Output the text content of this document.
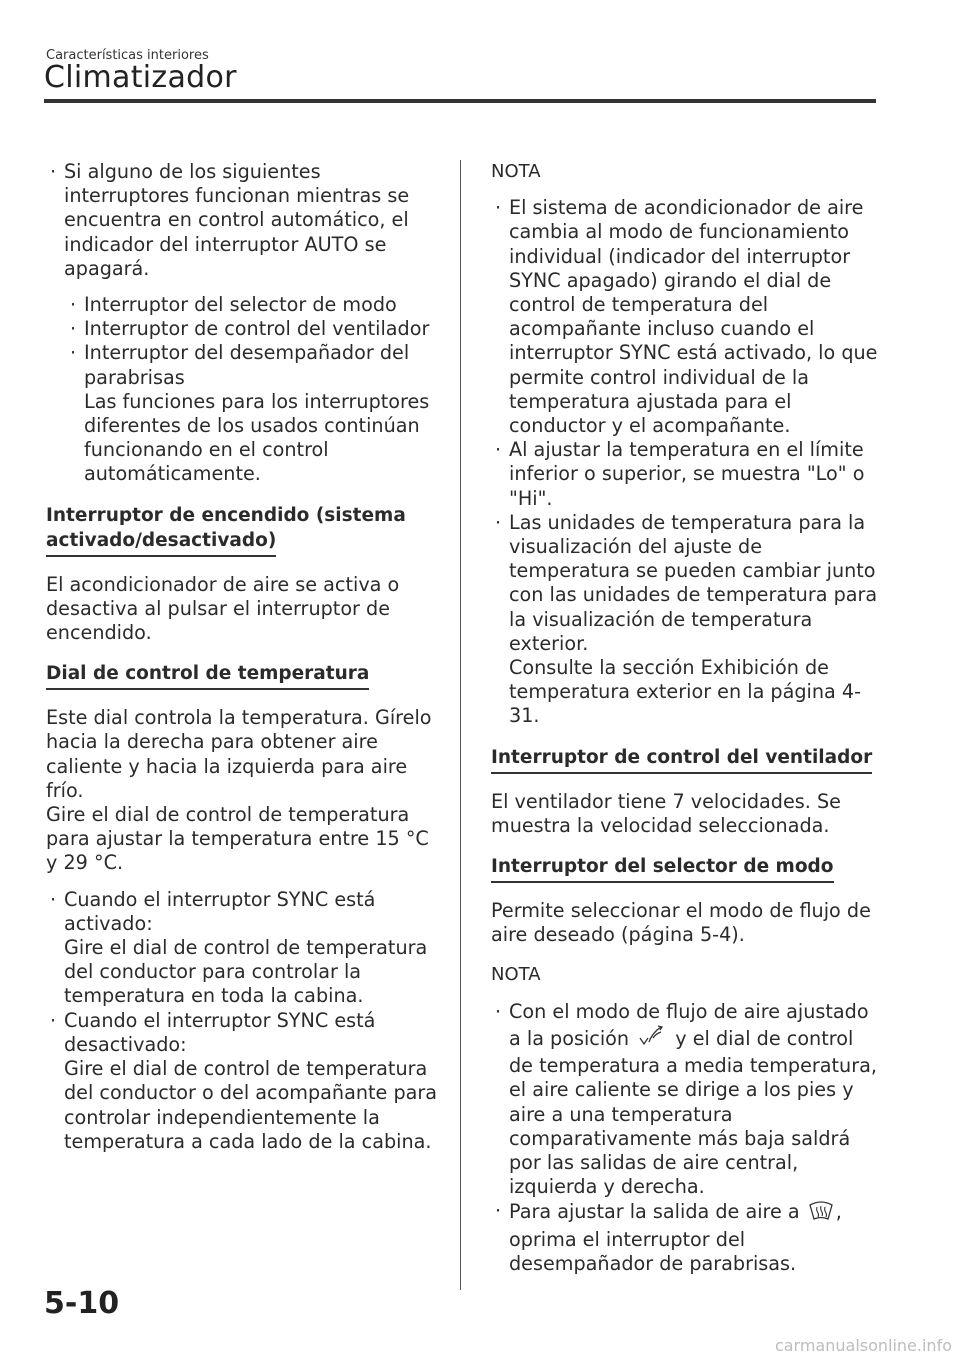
Características interiores
Climatizador
· Si alguno de los siguientes interruptores funcionan mientras se encuentra en control automático, el indicador del interruptor AUTO se apagará.
· Interruptor del selector de modo
· Interruptor de control del ventilador
· Interruptor del desempañador del parabrisas
Las funciones para los interruptores diferentes de los usados continúan funcionando en el control automáticamente.
Interruptor de encendido (sistema
activado/desactivado)
El acondicionador de aire se activa o desactiva al pulsar el interruptor de encendido.
Dial de control de temperatura
Este dial controla la temperatura. Gírelo hacia la derecha para obtener aire caliente y hacia la izquierda para aire frío.
Gire el dial de control de temperatura para ajustar la temperatura entre 15 °C y 29 °C.
· Cuando el interruptor SYNC está activado:
Gire el dial de control de temperatura del conductor para controlar la temperatura en toda la cabina.
· Cuando el interruptor SYNC está desactivado:
Gire el dial de control de temperatura del conductor o del acompañante para controlar independientemente la temperatura a cada lado de la cabina.
NOTA
· El sistema de acondicionador de aire cambia al modo de funcionamiento individual (indicador del interruptor SYNC apagado) girando el dial de control de temperatura del acompañante incluso cuando el interruptor SYNC está activado, lo que permite control individual de la temperatura ajustada para el conductor y el acompañante.
· Al ajustar la temperatura en el límite inferior o superior, se muestra "Lo" o "Hi".
· Las unidades de temperatura para la visualización del ajuste de temperatura se pueden cambiar junto con las unidades de temperatura para la visualización de temperatura exterior.
Consulte la sección Exhibición de temperatura exterior en la página 4-31.
Interruptor de control del ventilador
El ventilador tiene 7 velocidades. Se muestra la velocidad seleccionada.
Interruptor del selector de modo
Permite seleccionar el modo de flujo de aire deseado (página 5-4).
NOTA
· Con el modo de flujo de aire ajustado a la posición y el dial de control de temperatura a media temperatura, el aire caliente se dirige a los pies y aire a una temperatura comparativamente más baja saldrá por las salidas de aire central, izquierda y derecha.
· Para ajustar la salida de aire a , oprima el interruptor del desempañador de parabrisas.
5-10
carmanualsonline.info
